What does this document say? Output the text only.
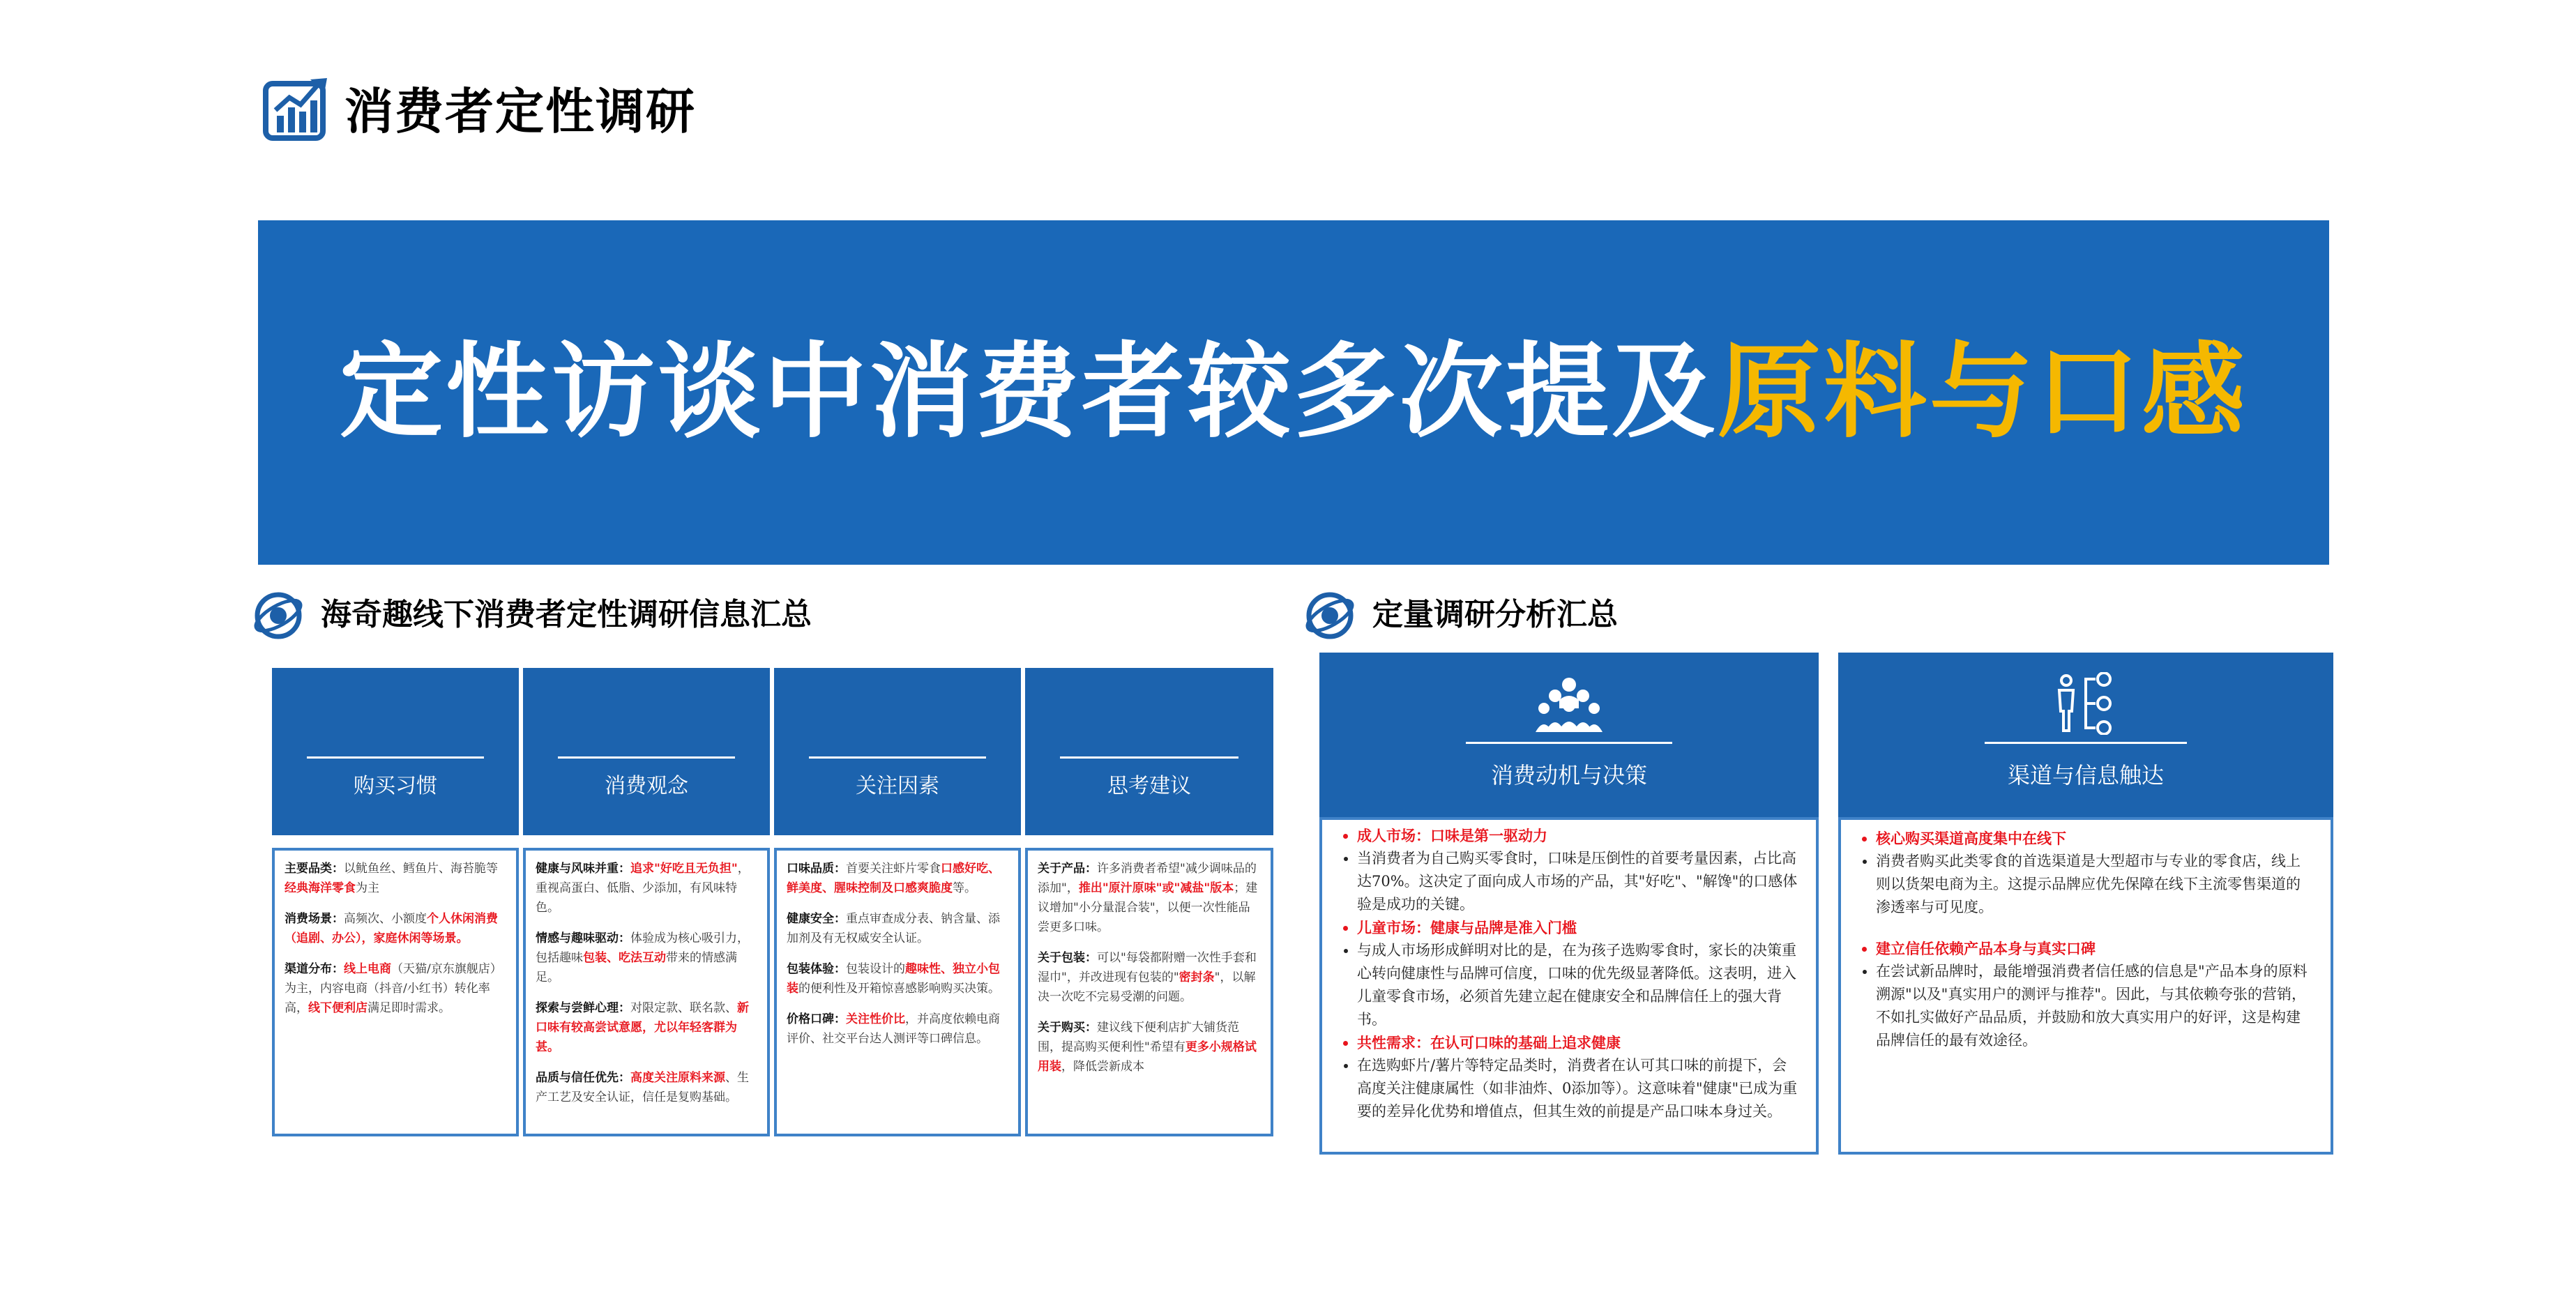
消费者定性调研
定性访谈中消费者较多次提及原料与口感
海奇趣线下消费者定性调研信息汇总
购买习惯	消费观念	关注因素	思考建议

主要品类：以鱿鱼丝、鳕鱼片、海苔脆等经典海洋零食为主

消费场景：高频次、小额度个人休闲消费（追剧、办公），家庭休闲等场景。

渠道分布：线上电商（天猫/京东旗舰店）为主，内容电商（抖音/小红书）转化率高，线下便利店满足即时需求。

健康与风味并重：追求"好吃且无负担"，重视高蛋白、低脂、少添加，有风味特色。

情感与趣味驱动：体验成为核心吸引力，包括趣味包装、吃法互动带来的情感满足。

探索与尝鲜心理：对限定款、联名款、新口味有较高尝试意愿，尤以年轻客群为甚。

品质与信任优先：高度关注原料来源、生产工艺及安全认证，信任是复购基础。

口味品质：首要关注虾片零食口感好吃、鲜美度、腥味控制及口感爽脆度等。

健康安全：重点审查成分表、钠含量、添加剂及有无权威安全认证。

包装体验：包装设计的趣味性、独立小包装的便利性及开箱惊喜感影响购买决策。

价格口碑：关注性价比，并高度依赖电商评价、社交平台达人测评等口碑信息。

关于产品：许多消费者希望"减少调味品的添加"，推出"原汁原味"或"减盐"版本；建议增加"小分量混合装"，以便一次性能品尝更多口味。

关于包装：可以"每袋都附赠一次性手套和湿巾"，并改进现有包装的"密封条"，以解决一次吃不完易受潮的问题。

关于购买：建议线下便利店扩大铺货范围，提高购买便利性"希望有更多小规格试用装，降低尝新成本

定量调研分析汇总
消费动机与决策
• 成人市场：口味是第一驱动力
• 当消费者为自己购买零食时，口味是压倒性的首要考量因素，占比高达70%。这决定了面向成人市场的产品，其"好吃"、"解馋"的口感体验是成功的关键。
• 儿童市场：健康与品牌是准入门槛
• 与成人市场形成鲜明对比的是，在为孩子选购零食时，家长的决策重心转向健康性与品牌可信度，口味的优先级显著降低。这表明，进入儿童零食市场，必须首先建立起在健康安全和品牌信任上的强大背书。
• 共性需求：在认可口味的基础上追求健康
• 在选购虾片/薯片等特定品类时，消费者在认可其口味的前提下，会高度关注健康属性（如非油炸、0添加等）。这意味着"健康"已成为重要的差异化优势和增值点，但其生效的前提是产品口味本身过关。
渠道与信息触达
• 核心购买渠道高度集中在线下
• 消费者购买此类零食的首选渠道是大型超市与专业的零食店，线上则以货架电商为主。这提示品牌应优先保障在线下主流零售渠道的渗透率与可见度。
• 建立信任依赖产品本身与真实口碑
• 在尝试新品牌时，最能增强消费者信任感的信息是"产品本身的原料溯源"以及"真实用户的测评与推荐"。因此，与其依赖夸张的营销，不如扎实做好产品品质，并鼓励和放大真实用户的好评，这是构建品牌信任的最有效途径。
